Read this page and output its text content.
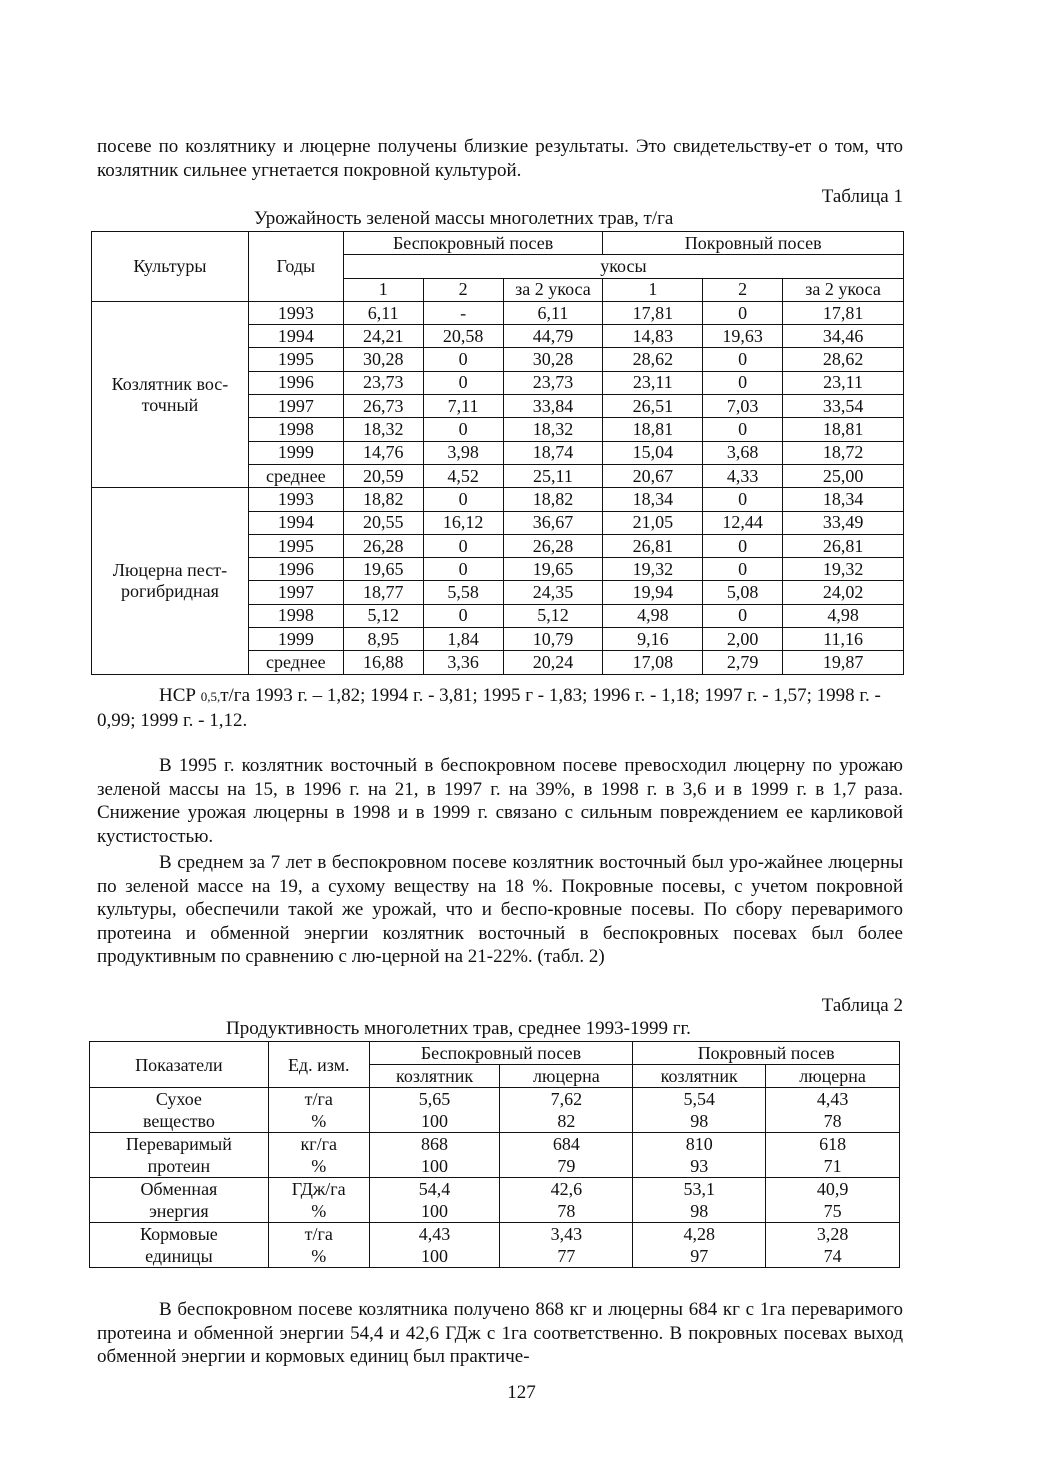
посеве по козлятнику и люцерне получены близкие результаты. Это свидетельству-ет о том, что козлятник сильнее угнетается покровной культурой.

Таблица 1
Урожайность зеленой массы многолетних трав, т/га
Культуры	Годы	Беспокровный посев			Покровный посев		
		укосы					
		1	2	за 2 укоса	1	2	за 2 укоса
Козлятник вос-точный	1993	6,11	-	6,11	17,81	0	17,81
	1994	24,21	20,58	44,79	14,83	19,63	34,46
	1995	30,28	0	30,28	28,62	0	28,62
	1996	23,73	0	23,73	23,11	0	23,11
	1997	26,73	7,11	33,84	26,51	7,03	33,54
	1998	18,32	0	18,32	18,81	0	18,81
	1999	14,76	3,98	18,74	15,04	3,68	18,72
	среднее	20,59	4,52	25,11	20,67	4,33	25,00
Люцерна пест-рогибридная	1993	18,82	0	18,82	18,34	0	18,34
	1994	20,55	16,12	36,67	21,05	12,44	33,49
	1995	26,28	0	26,28	26,81	0	26,81
	1996	19,65	0	19,65	19,32	0	19,32
	1997	18,77	5,58	24,35	19,94	5,08	24,02
	1998	5,12	0	5,12	4,98	0	4,98
	1999	8,95	1,84	10,79	9,16	2,00	11,16
	среднее	16,88	3,36	20,24	17,08	2,79	19,87
НСР 0,5,т/га 1993 г. – 1,82; 1994 г. - 3,81; 1995 г - 1,83; 1996 г. - 1,18; 1997 г. - 1,57; 1998 г. - 0,99; 1999 г. - 1,12.

В 1995 г. козлятник восточный в беспокровном посеве превосходил люцерну по урожаю зеленой массы на 15, в 1996 г. на 21, в 1997 г. на 39%, в 1998 г. в 3,6 и в 1999 г. в 1,7 раза. Снижение урожая люцерны в 1998 и в 1999 г. связано с сильным повреждением ее карликовой кустистостью.

В среднем за 7 лет в беспокровном посеве козлятник восточный был уро-жайнее люцерны по зеленой массе на 19, а сухому веществу на 18 %. Покровные посевы, с учетом покровной культуры, обеспечили такой же урожай, что и беспо-кровные посевы. По сбору переваримого протеина и обменной энергии козлятник восточный в беспокровных посевах был более продуктивным по сравнению с лю-церной на 21-22%. (табл. 2)

Таблица 2
Продуктивность многолетних трав, среднее 1993-1999 гг.
Показатели	Ед. изм.	Беспокровный посев		Покровный посев	
		козлятник	люцерна	козлятник	люцерна
Сухое	т/га	5,65	7,62	5,54	4,43
вещество	%	100	82	98	78
Переваримый	кг/га	868	684	810	618
протеин	%	100	79	93	71
Обменная	ГДж/га	54,4	42,6	53,1	40,9
энергия	%	100	78	98	75
Кормовые	т/га	4,43	3,43	4,28	3,28
единицы	%	100	77	97	74

В беспокровном посеве козлятника получено 868 кг и люцерны 684 кг с 1га переваримого протеина и обменной энергии 54,4 и 42,6 ГДж с 1га соответственно. В покровных посевах выход обменной энергии и кормовых единиц был практиче-

127
